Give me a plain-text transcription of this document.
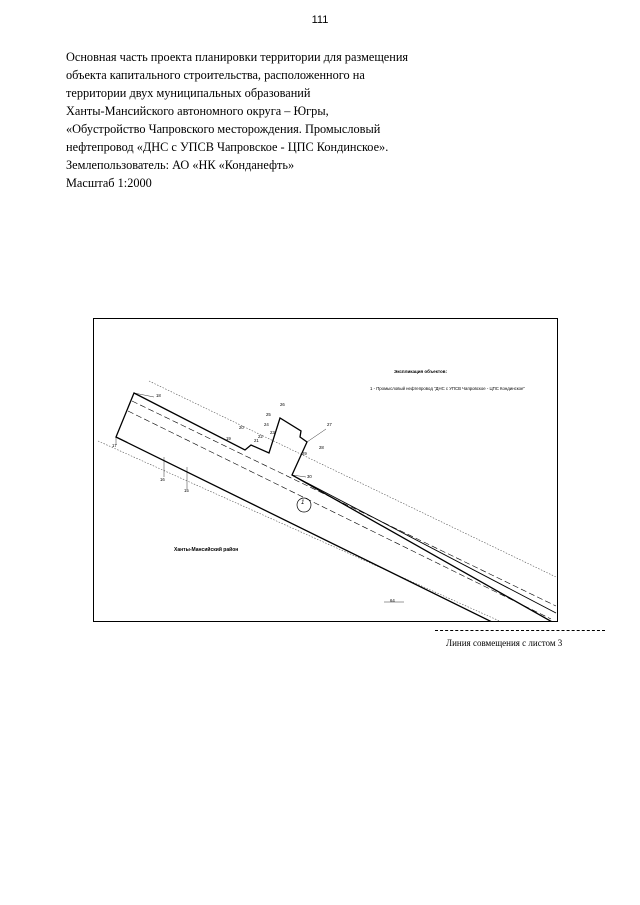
111
Основная часть проекта планировки территории для размещения
объекта капитального строительства, расположенного на
территории двух муниципальных образований
Ханты-Мансийского автономного округа – Югры,
«Обустройство Чапровского месторождения. Промысловый
нефтепровод «ДНС с УПСВ Чапровское - ЦПС Кондинское».
Землепользователь: АО «НК «Конданефть»
Масштаб 1:2000
Экспликация объектов:
1 - Промысловый нефтепровод "ДНС с УПСВ Чапровское - ЦПС Кондинское"
Ханты-Мансийский район
1
18
17
16
15
19
20
21
22
23
24
25
26
27
28
29
30
64
Линия совмещения с листом 3
